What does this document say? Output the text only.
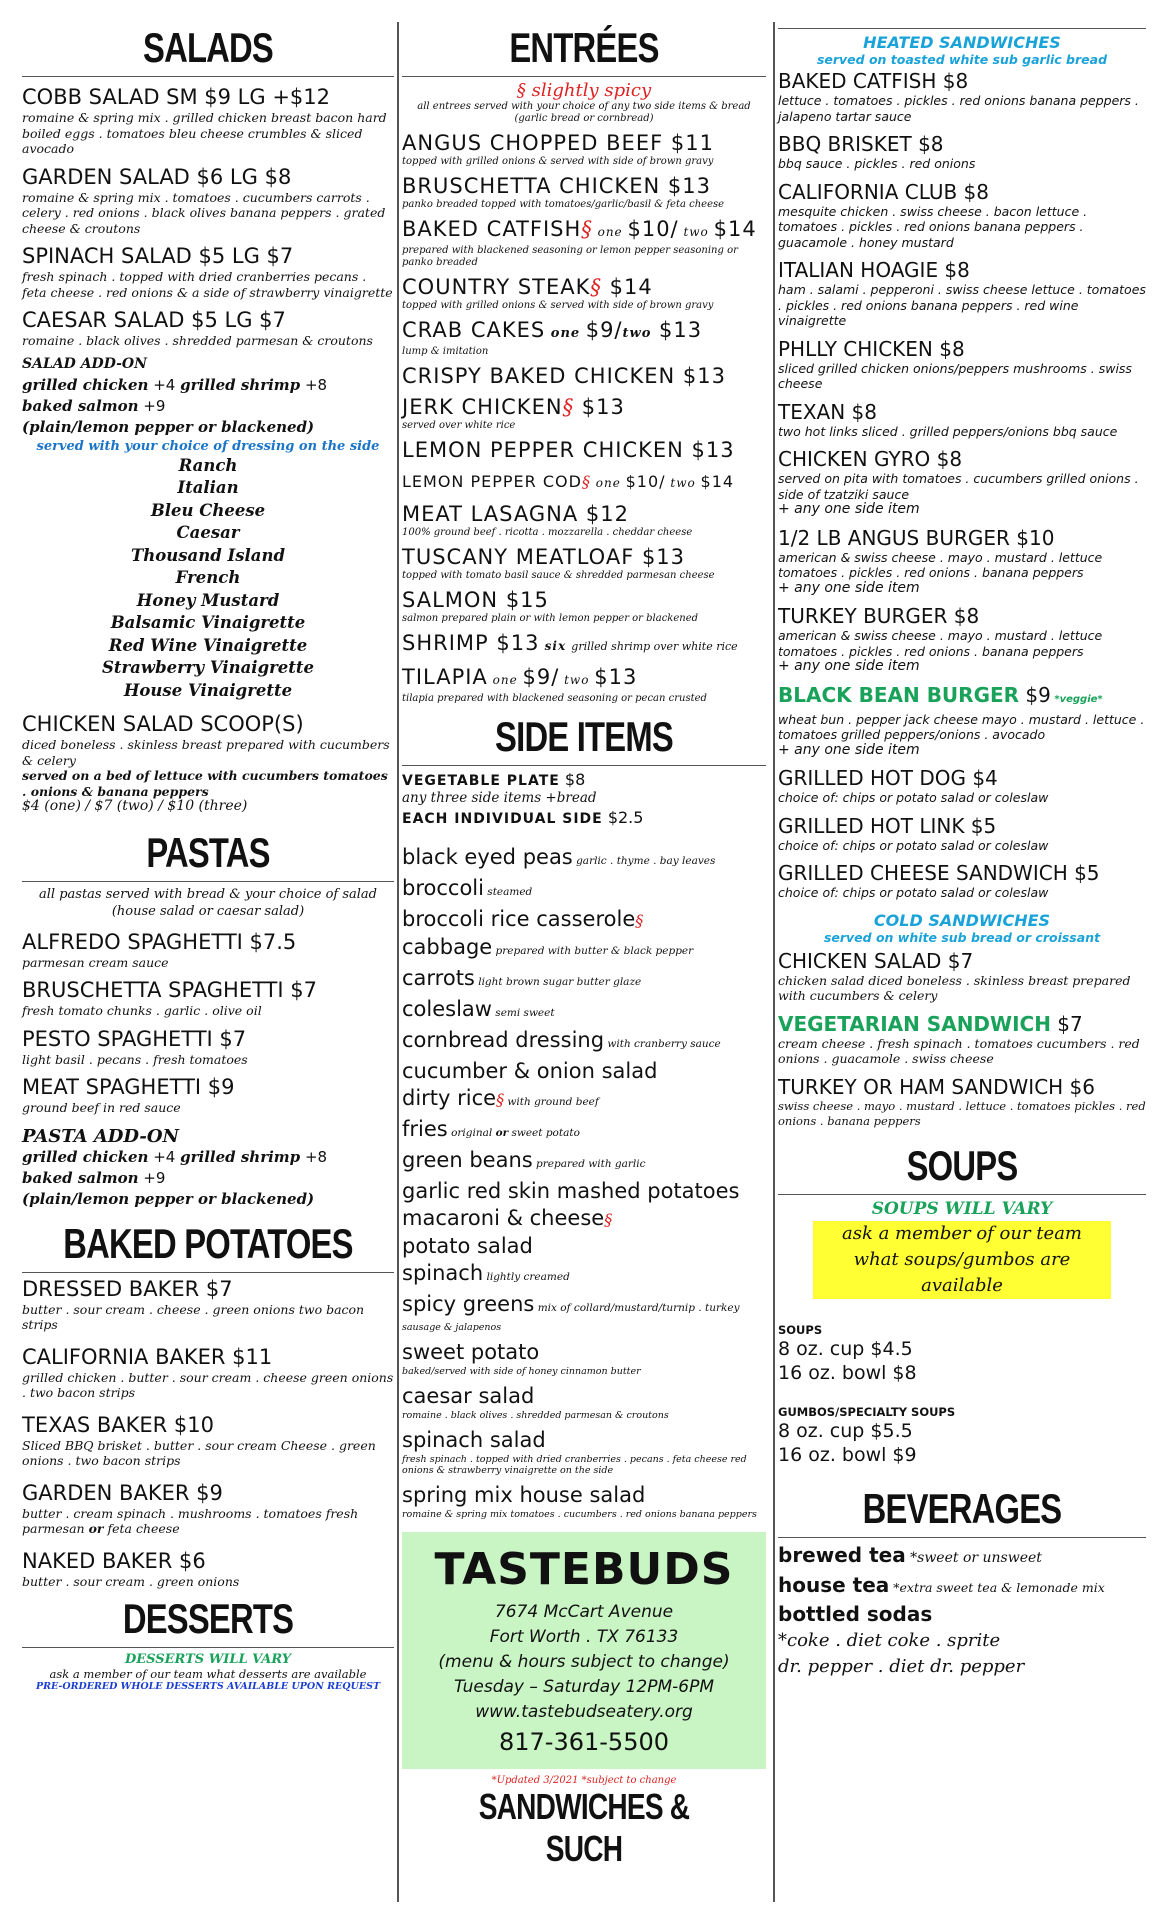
SALADS
COBB SALAD SM $9 LG +$12
romaine & spring mix . grilled chicken breast bacon hard boiled eggs . tomatoes bleu cheese crumbles & sliced avocado
GARDEN SALAD $6 LG $8
romaine & spring mix . tomatoes . cucumbers carrots . celery . red onions . black olives banana peppers . grated cheese & croutons
SPINACH SALAD $5 LG $7
fresh spinach . topped with dried cranberries pecans . feta cheese . red onions & a side of strawberry vinaigrette
CAESAR SALAD $5 LG $7
romaine . black olives . shredded parmesan & croutons
SALAD ADD-ON
grilled chicken +4 grilled shrimp +8
baked salmon +9
(plain/lemon pepper or blackened)
served with your choice of dressing on the side
Ranch
Italian
Bleu Cheese
Caesar
Thousand Island
French
Honey Mustard
Balsamic Vinaigrette
Red Wine Vinaigrette
Strawberry Vinaigrette
House Vinaigrette
CHICKEN SALAD SCOOP(S)
diced boneless . skinless breast prepared with cucumbers & celery
served on a bed of lettuce with cucumbers tomatoes . onions & banana peppers
$4 (one) / $7 (two) / $10 (three)
PASTAS
all pastas served with bread & your choice of salad (house salad or caesar salad)
ALFREDO SPAGHETTI $7.5
parmesan cream sauce
BRUSCHETTA SPAGHETTI $7
fresh tomato chunks . garlic . olive oil
PESTO SPAGHETTI $7
light basil . pecans . fresh tomatoes
MEAT SPAGHETTI $9
ground beef in red sauce
PASTA ADD-ON
grilled chicken +4 grilled shrimp +8
baked salmon +9
(plain/lemon pepper or blackened)
BAKED POTATOES
DRESSED BAKER $7
butter . sour cream . cheese . green onions two bacon strips
CALIFORNIA BAKER $11
grilled chicken . butter . sour cream . cheese green onions . two bacon strips
TEXAS BAKER $10
Sliced BBQ brisket . butter . sour cream Cheese . green onions . two bacon strips
GARDEN BAKER $9
butter . cream spinach . mushrooms . tomatoes fresh parmesan or feta cheese
NAKED BAKER $6
butter . sour cream . green onions
DESSERTS
DESSERTS WILL VARY
ask a member of our team what desserts are available
PRE-ORDERED WHOLE DESSERTS AVAILABLE UPON REQUEST
ENTRÉES
§ slightly spicy
all entrees served with your choice of any two side items & bread (garlic bread or cornbread)
ANGUS CHOPPED BEEF $11
topped with grilled onions & served with side of brown gravy
BRUSCHETTA CHICKEN $13
panko breaded topped with tomatoes/garlic/basil & feta cheese
BAKED CATFISH§ one $10/ two $14
prepared with blackened seasoning or lemon pepper seasoning or panko breaded
COUNTRY STEAK§ $14
topped with grilled onions & served with side of brown gravy
CRAB CAKES one $9/two $13
lump & imitation
CRISPY BAKED CHICKEN $13
JERK CHICKEN§ $13
served over white rice
LEMON PEPPER CHICKEN $13
LEMON PEPPER COD§ one $10/ two $14
MEAT LASAGNA $12
100% ground beef . ricotta . mozzarella . cheddar cheese
TUSCANY MEATLOAF $13
topped with tomato basil sauce & shredded parmesan cheese
SALMON $15
salmon prepared plain or with lemon pepper or blackened
SHRIMP $13 six grilled shrimp over white rice
TILAPIA one $9/ two $13
tilapia prepared with blackened seasoning or pecan crusted
SIDE ITEMS
VEGETABLE PLATE $8
any three side items +bread
EACH INDIVIDUAL SIDE $2.5
black eyed peas garlic . thyme . bay leaves
broccoli steamed
broccoli rice casserole§
cabbage prepared with butter & black pepper
carrots light brown sugar butter glaze
coleslaw semi sweet
cornbread dressing with cranberry sauce
cucumber & onion salad
dirty rice§ with ground beef
fries original or sweet potato
green beans prepared with garlic
garlic red skin mashed potatoes
macaroni & cheese§
potato salad
spinach lightly creamed
spicy greens mix of collard/mustard/turnip . turkey
sausage & jalapenos
sweet potato
baked/served with side of honey cinnamon butter
caesar salad
romaine . black olives . shredded parmesan & croutons
spinach salad
fresh spinach . topped with dried cranberries . pecans . feta cheese red onions & strawberry vinaigrette on the side
spring mix house salad
romaine & spring mix tomatoes . cucumbers . red onions banana peppers
TASTEBUDS
7674 McCart Avenue
Fort Worth . TX 76133
(menu & hours subject to change)
Tuesday – Saturday 12PM-6PM
www.tastebudseatery.org
817-361-5500
*Updated 3/2021 *subject to change
SANDWICHES & SUCH
HEATED SANDWICHES
served on toasted white sub garlic bread
BAKED CATFISH $8
lettuce . tomatoes . pickles . red onions banana peppers . jalapeno tartar sauce
BBQ BRISKET $8
bbq sauce . pickles . red onions
CALIFORNIA CLUB $8
mesquite chicken . swiss cheese . bacon lettuce . tomatoes . pickles . red onions banana peppers . guacamole . honey mustard
ITALIAN HOAGIE $8
ham . salami . pepperoni . swiss cheese lettuce . tomatoes . pickles . red onions banana peppers . red wine vinaigrette
PHLLY CHICKEN $8
sliced grilled chicken onions/peppers mushrooms . swiss cheese
TEXAN $8
two hot links sliced . grilled peppers/onions bbq sauce
CHICKEN GYRO $8
served on pita with tomatoes . cucumbers grilled onions . side of tzatziki sauce
+ any one side item
1/2 LB ANGUS BURGER $10
american & swiss cheese . mayo . mustard . lettuce tomatoes . pickles . red onions . banana peppers
+ any one side item
TURKEY BURGER $8
american & swiss cheese . mayo . mustard . lettuce tomatoes . pickles . red onions . banana peppers
+ any one side item
BLACK BEAN BURGER $9 *veggie*
wheat bun . pepper jack cheese mayo . mustard . lettuce . tomatoes grilled peppers/onions . avocado
+ any one side item
GRILLED HOT DOG $4
choice of: chips or potato salad or coleslaw
GRILLED HOT LINK $5
choice of: chips or potato salad or coleslaw
GRILLED CHEESE SANDWICH $5
choice of: chips or potato salad or coleslaw
COLD SANDWICHES
served on white sub bread or croissant
CHICKEN SALAD $7
chicken salad diced boneless . skinless breast prepared with cucumbers & celery
VEGETARIAN SANDWICH $7
cream cheese . fresh spinach . tomatoes cucumbers . red onions . guacamole . swiss cheese
TURKEY OR HAM SANDWICH $6
swiss cheese . mayo . mustard . lettuce . tomatoes pickles . red onions . banana peppers
SOUPS
SOUPS WILL VARY
ask a member of our team what soups/gumbos are available
SOUPS
8 oz. cup $4.5
16 oz. bowl $8
GUMBOS/SPECIALTY SOUPS
8 oz. cup $5.5
16 oz. bowl $9
BEVERAGES
brewed tea *sweet or unsweet
house tea *extra sweet tea & lemonade mix
bottled sodas
*coke . diet coke . sprite
dr. pepper . diet dr. pepper
